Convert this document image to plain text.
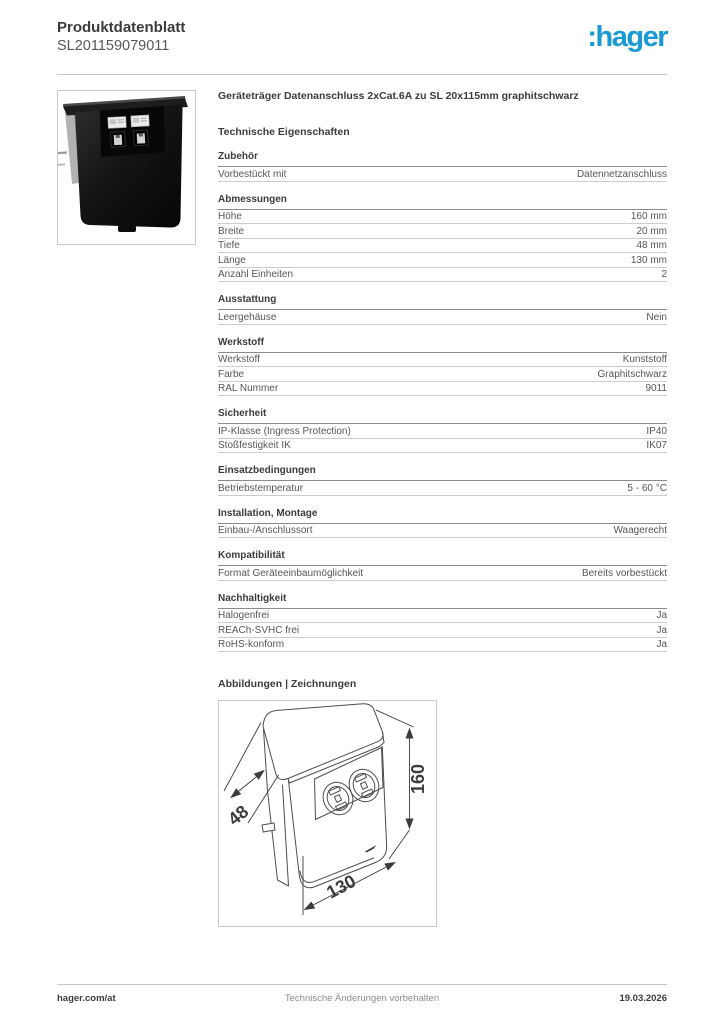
Produktdatenblatt
SL201159079011	:hager
Geräteträger Datenanschluss 2xCat.6A zu SL 20x115mm graphitschwarz
Technische Eigenschaften
Zubehör
Vorbestückt mit	Datennetzanschluss
Abmessungen
Höhe	160 mm
Breite	20 mm
Tiefe	48 mm
Länge	130 mm
Anzahl Einheiten	2
Ausstattung
Leergehäuse	Nein
Werkstoff
Werkstoff	Kunststoff
Farbe	Graphitschwarz
RAL Nummer	9011
Sicherheit
IP-Klasse (Ingress Protection)	IP40
Stoßfestigkeit IK	IK07
Einsatzbedingungen
Betriebstemperatur	5 - 60 °C
Installation, Montage
Einbau-/Anschlussort	Waagerecht
Kompatibilität
Format Geräteeinbaumöglichkeit	Bereits vorbestückt
Nachhaltigkeit
Halogenfrei	Ja
REACh-SVHC frei	Ja
RoHS-konform	Ja
Abbildungen | Zeichnungen
160
48
130
hager.com/at	Technische Änderungen vorbehalten	19.03.2026
